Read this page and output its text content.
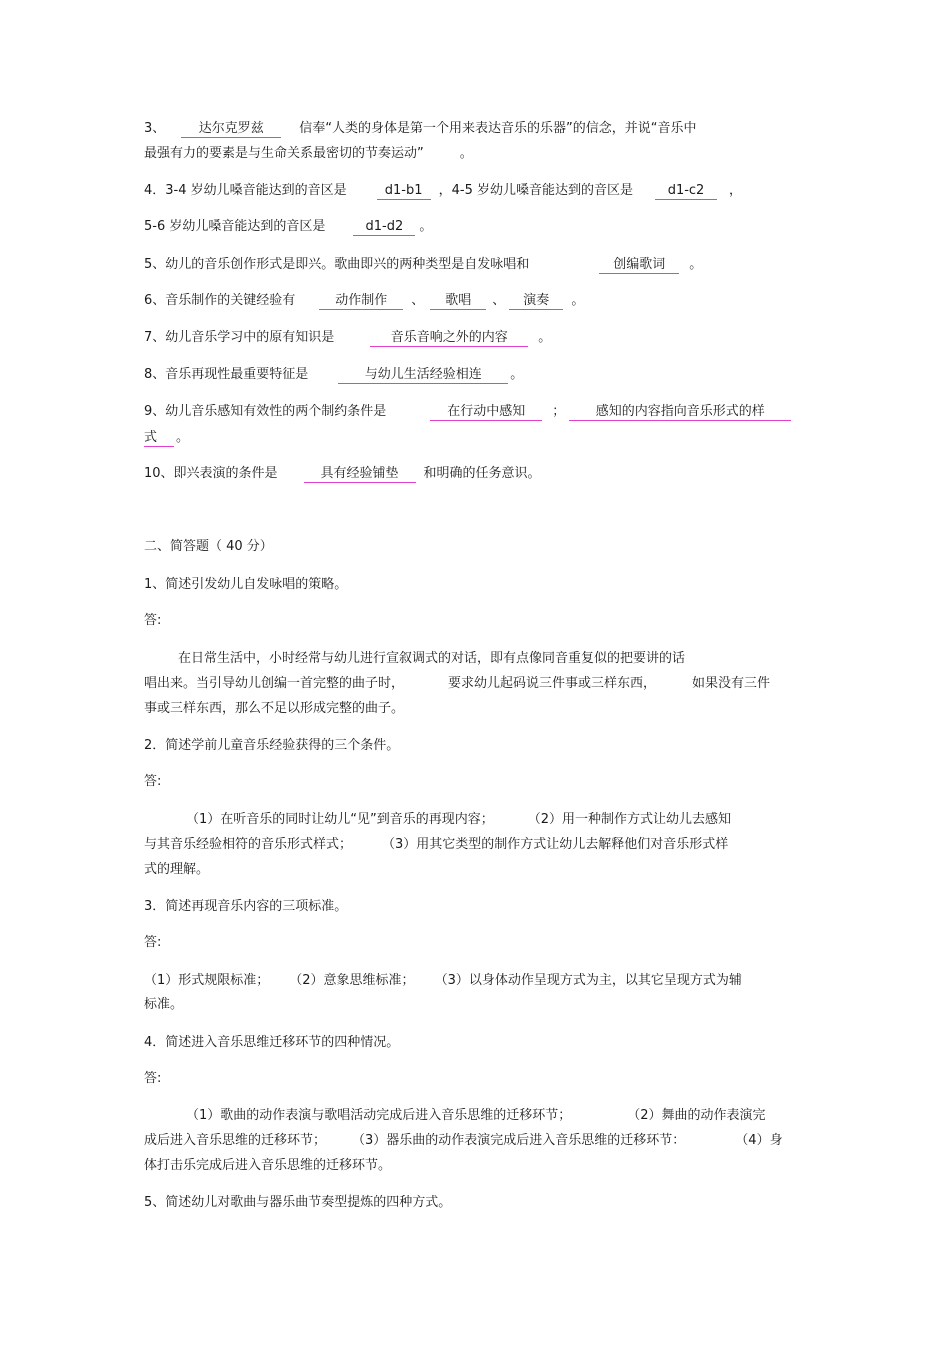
3、	达尔克罗兹	信奉“人类的身体是第一个用来表达音乐的乐器”的信念，并说“音乐中
最强有力的要素是与生命关系最密切的节奏运动”	。
4．3-4 岁幼儿嗓音能达到的音区是	d1-b1 ，4-5 岁幼儿嗓音能达到的音区是	d1-c2 ，
5-6 岁幼儿嗓音能达到的音区是	d1-d2 。
5、幼儿的音乐创作形式是即兴。歌曲即兴的两种类型是自发咏唱和	创编歌词 。
6、音乐制作的关键经验有	动作制作 、 歌唱 、 演奏 。
7、幼儿音乐学习中的原有知识是	音乐音响之外的内容 。
8、音乐再现性最重要特征是	与幼儿生活经验相连 。
9、幼儿音乐感知有效性的两个制约条件是	在行动中感知 ； 感知的内容指向音乐形式的样
式 。
10、即兴表演的条件是	具有经验铺垫 和明确的任务意识。
二、简答题（ 40 分）
1、简述引发幼儿自发咏唱的策略。
答:
在日常生活中，小时经常与幼儿进行宣叙调式的对话，即有点像同音重复似的把要讲的话
唱出来。当引导幼儿创编一首完整的曲子时，	要求幼儿起码说三件事或三样东西，	如果没有三件
事或三样东西，那么不足以形成完整的曲子。
2．简述学前儿童音乐经验获得的三个条件。
答:
（1）在听音乐的同时让幼儿“见”到音乐的再现内容；	（2）用一种制作方式让幼儿去感知
与其音乐经验相符的音乐形式样式； （3）用其它类型的制作方式让幼儿去解释他们对音乐形式样
式的理解。
3．简述再现音乐内容的三项标准。
答:
（1）形式规限标准； （2）意象思维标准； （3）以身体动作呈现方式为主，以其它呈现方式为辅
标准。
4．简述进入音乐思维迁移环节的四种情况。
答:
（1）歌曲的动作表演与歌唱活动完成后进入音乐思维的迁移环节；	（2）舞曲的动作表演完
成后进入音乐思维的迁移环节； （3）器乐曲的动作表演完成后进入音乐思维的迁移环节：	（4）身
体打击乐完成后进入音乐思维的迁移环节。
5、简述幼儿对歌曲与器乐曲节奏型提炼的四种方式。
